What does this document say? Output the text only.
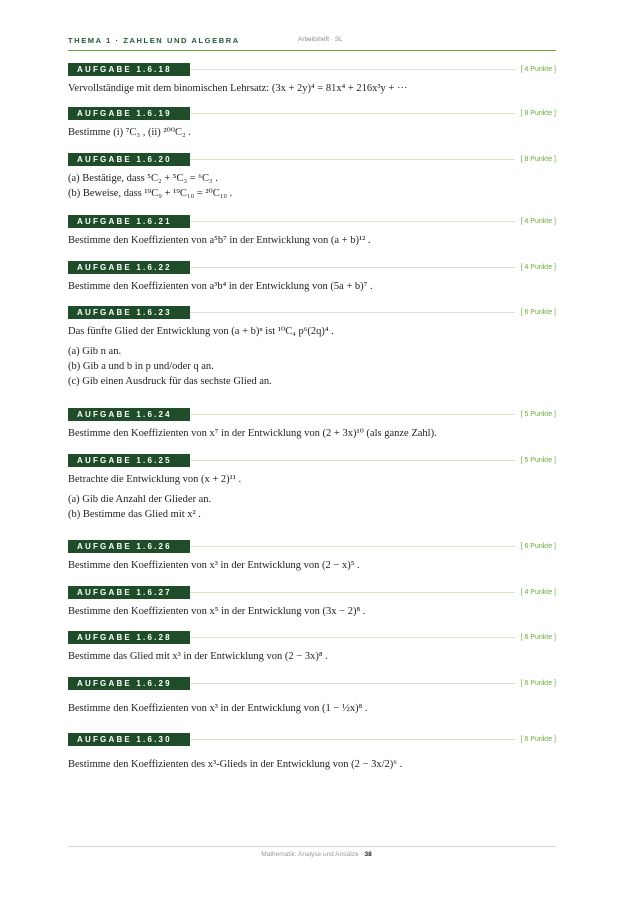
THEMA 1 · ZAHLEN UND ALGEBRA	Arbeitsheft · SL
AUFGABE 1.6.18	[ 4 Punkte ]
Vervollständige mit dem binomischen Lehrsatz: (3x + 2y)⁴ = 81x⁴ + 216x³y + ···
AUFGABE 1.6.19	[ 8 Punkte ]
Bestimme (i) ⁷C₃ , (ii) ²⁰⁰C₂ .
AUFGABE 1.6.20	[ 8 Punkte ]
(a) Bestätige, dass ⁵C₂ + ⁵C₃ = ⁶C₃ .
(b) Beweise, dass ¹⁹C₉ + ¹⁹C₁₀ = ²⁰C₁₀ .
AUFGABE 1.6.21	[ 4 Punkte ]
Bestimme den Koeffizienten von a⁵b⁷ in der Entwicklung von (a + b)¹² .
AUFGABE 1.6.22	[ 4 Punkte ]
Bestimme den Koeffizienten von a³b⁴ in der Entwicklung von (5a + b)⁷ .
AUFGABE 1.6.23	[ 6 Punkte ]
Das fünfte Glied der Entwicklung von (a + b)ⁿ ist ¹⁰C₄ p⁶(2q)⁴ .
(a) Gib n an.
(b) Gib a und b in p und/oder q an.
(c) Gib einen Ausdruck für das sechste Glied an.
AUFGABE 1.6.24	[ 5 Punkte ]
Bestimme den Koeffizienten von x⁷ in der Entwicklung von (2 + 3x)¹⁰ (als ganze Zahl).
AUFGABE 1.6.25	[ 5 Punkte ]
Betrachte die Entwicklung von (x + 2)¹¹ .
(a) Gib die Anzahl der Glieder an.
(b) Bestimme das Glied mit x² .
AUFGABE 1.6.26	[ 6 Punkte ]
Bestimme den Koeffizienten von x³ in der Entwicklung von (2 − x)⁵ .
AUFGABE 1.6.27	[ 4 Punkte ]
Bestimme den Koeffizienten von x⁵ in der Entwicklung von (3x − 2)⁸ .
AUFGABE 1.6.28	[ 6 Punkte ]
Bestimme das Glied mit x³ in der Entwicklung von (2 − 3x)⁸ .
AUFGABE 1.6.29	[ 6 Punkte ]
Bestimme den Koeffizienten von x³ in der Entwicklung von (1 − ½x)⁸ .
AUFGABE 1.6.30	[ 6 Punkte ]
Bestimme den Koeffizienten des x³-Glieds in der Entwicklung von (2 − 3x/2)⁶ .
Mathematik: Analyse und Ansätze · 38
